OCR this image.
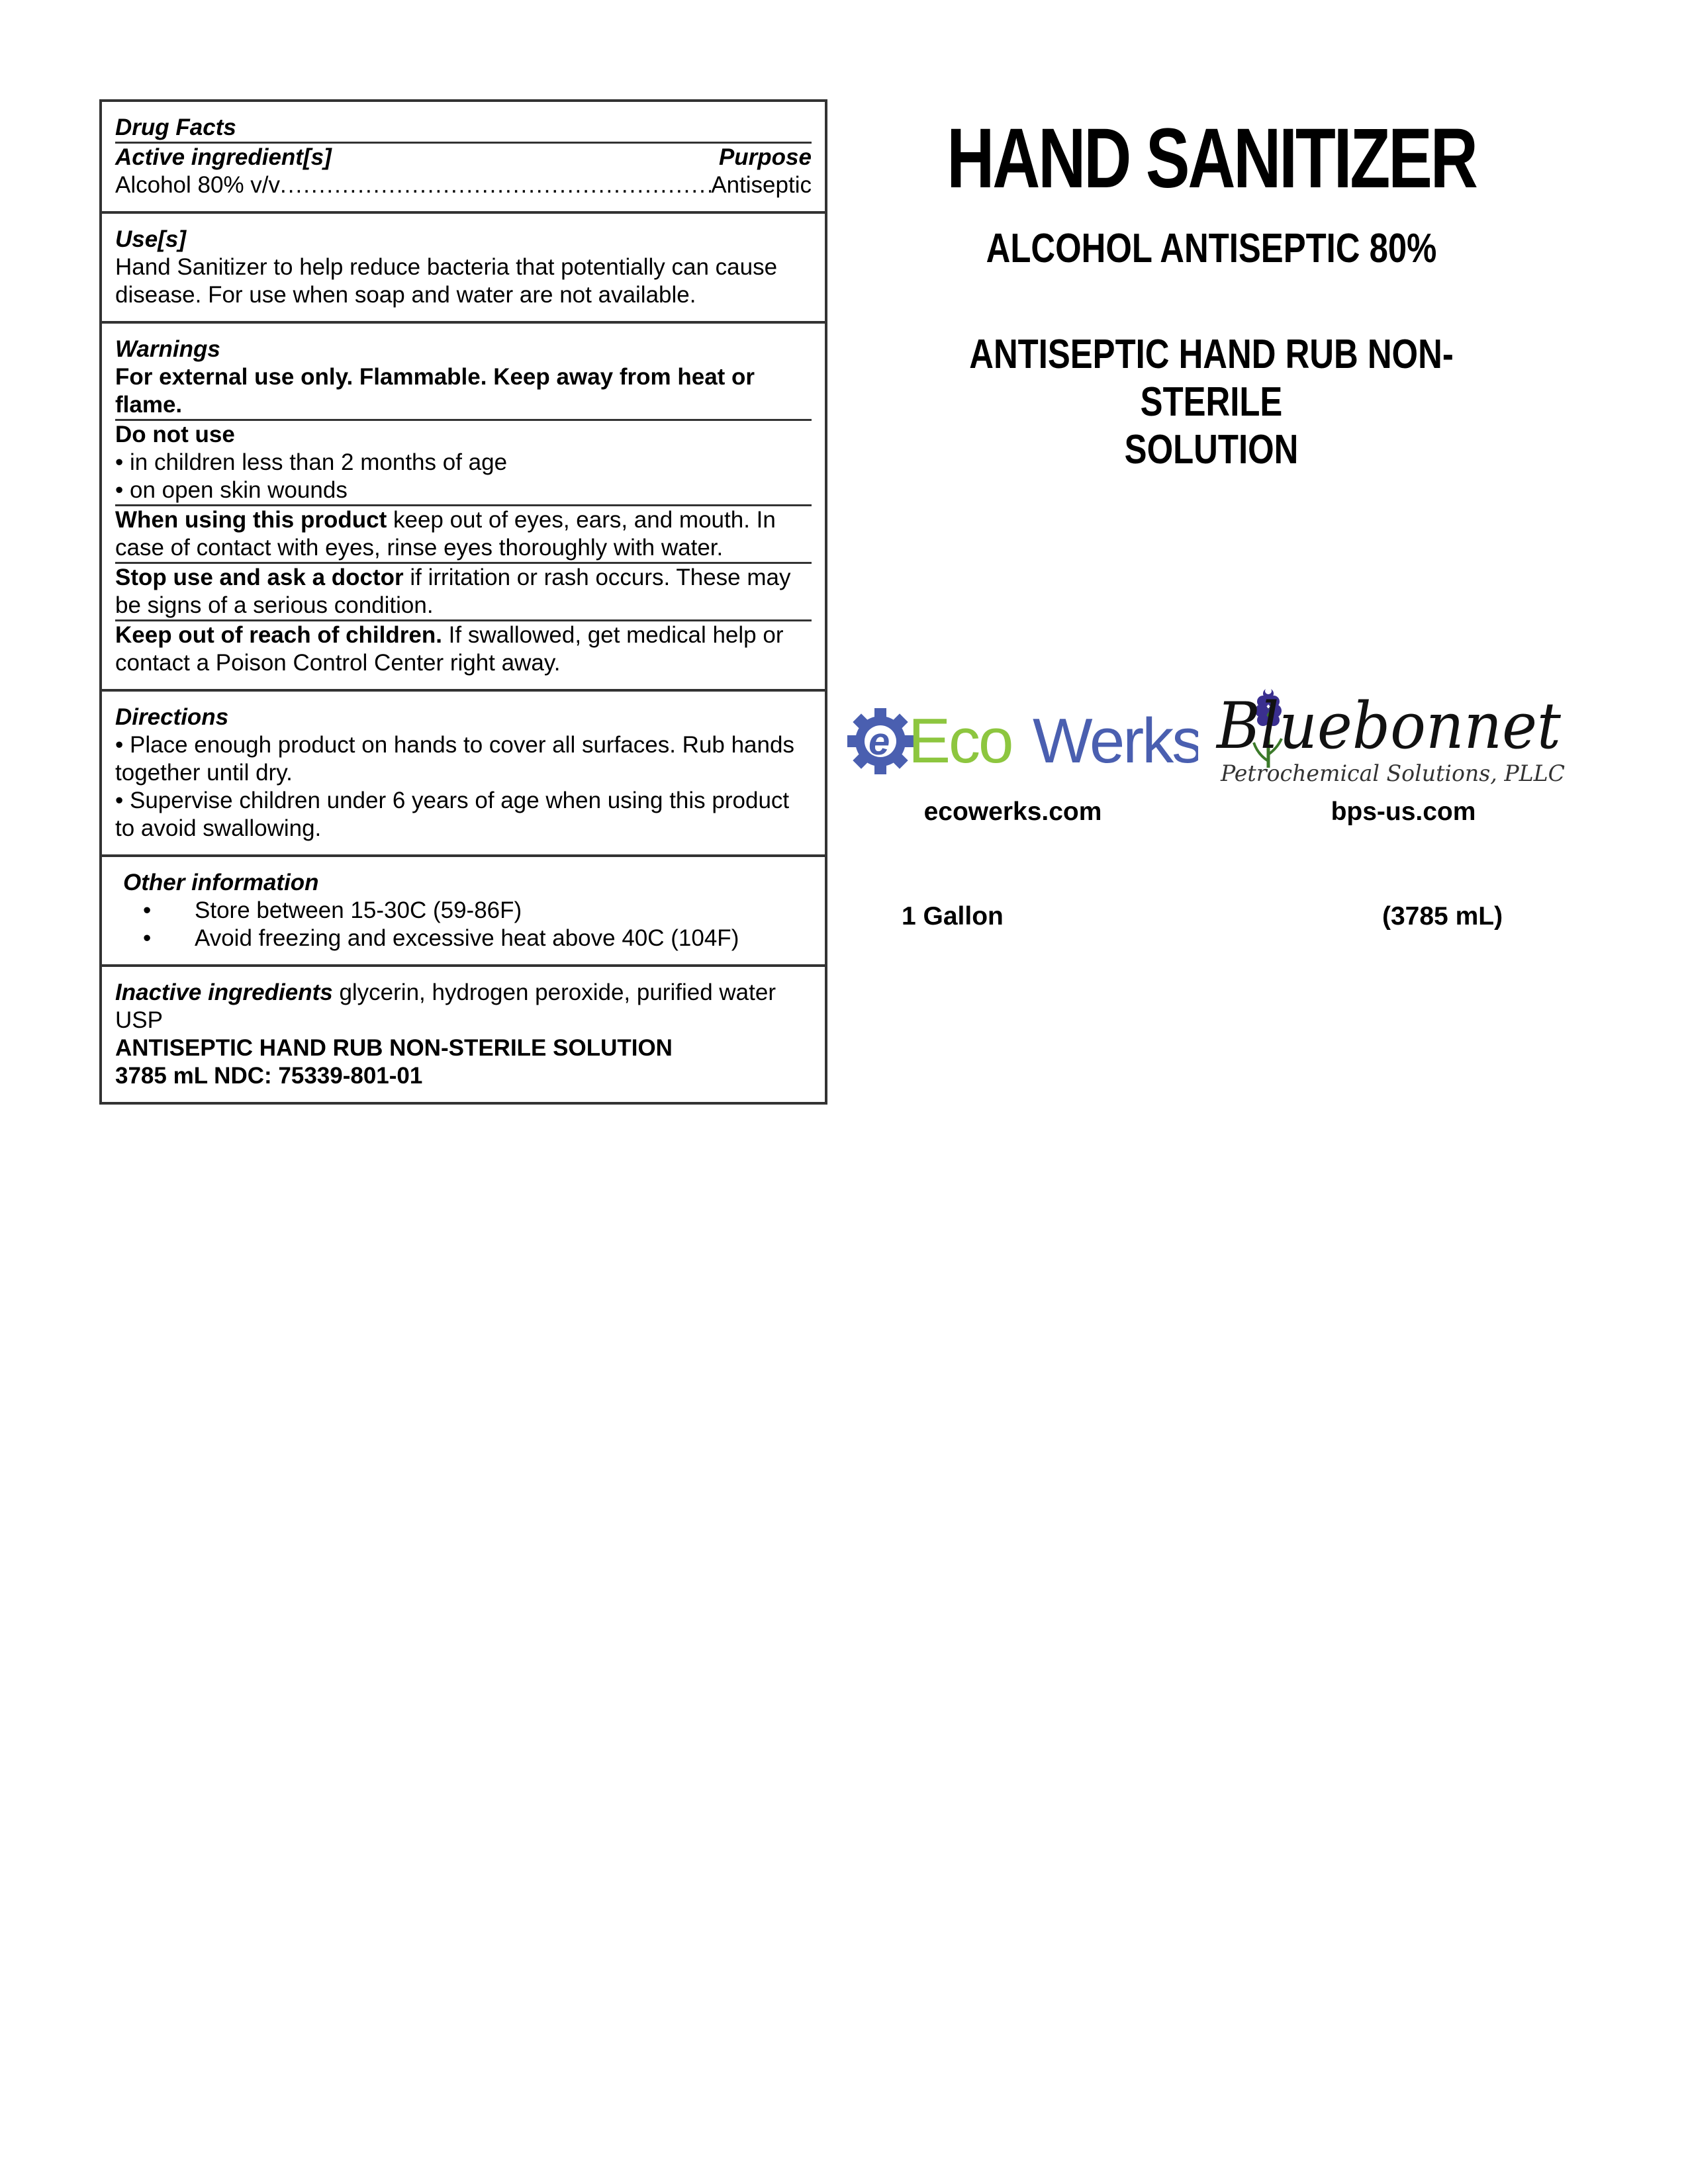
Drug Facts
Active ingredient[s]	Purpose
Alcohol 80% v/v
.....	Antiseptic
Use[s]
Hand Sanitizer to help reduce bacteria that potentially can cause disease. For use when soap and water are not available.
Warnings
For external use only. Flammable. Keep away from heat or flame.
Do not use
• in children less than 2 months of age
• on open skin wounds
When using this product keep out of eyes, ears, and mouth. In case of contact with eyes, rinse eyes thoroughly with water.
Stop use and ask a doctor if irritation or rash occurs. These may be signs of a serious condition.
Keep out of reach of children. If swallowed, get medical help or contact a Poison Control Center right away.
Directions
• Place enough product on hands to cover all surfaces. Rub hands together until dry.
• Supervise children under 6 years of age when using this product to avoid swallowing.
Other information
• Store between 15-30C (59-86F)
• Avoid freezing and excessive heat above 40C (104F)
Inactive ingredients glycerin, hydrogen peroxide, purified water USP
ANTISEPTIC HAND RUB NON-STERILE SOLUTION
3785 mL NDC: 75339-801-01
HAND SANITIZER
ALCOHOL ANTISEPTIC 80%
ANTISEPTIC HAND RUB NON-STERILE
SOLUTION
e Eco Werks Bluebonnet
Petrochemical Solutions, PLLC
ecowerks.com	bps-us.com
1 Gallon	(3785 mL)
